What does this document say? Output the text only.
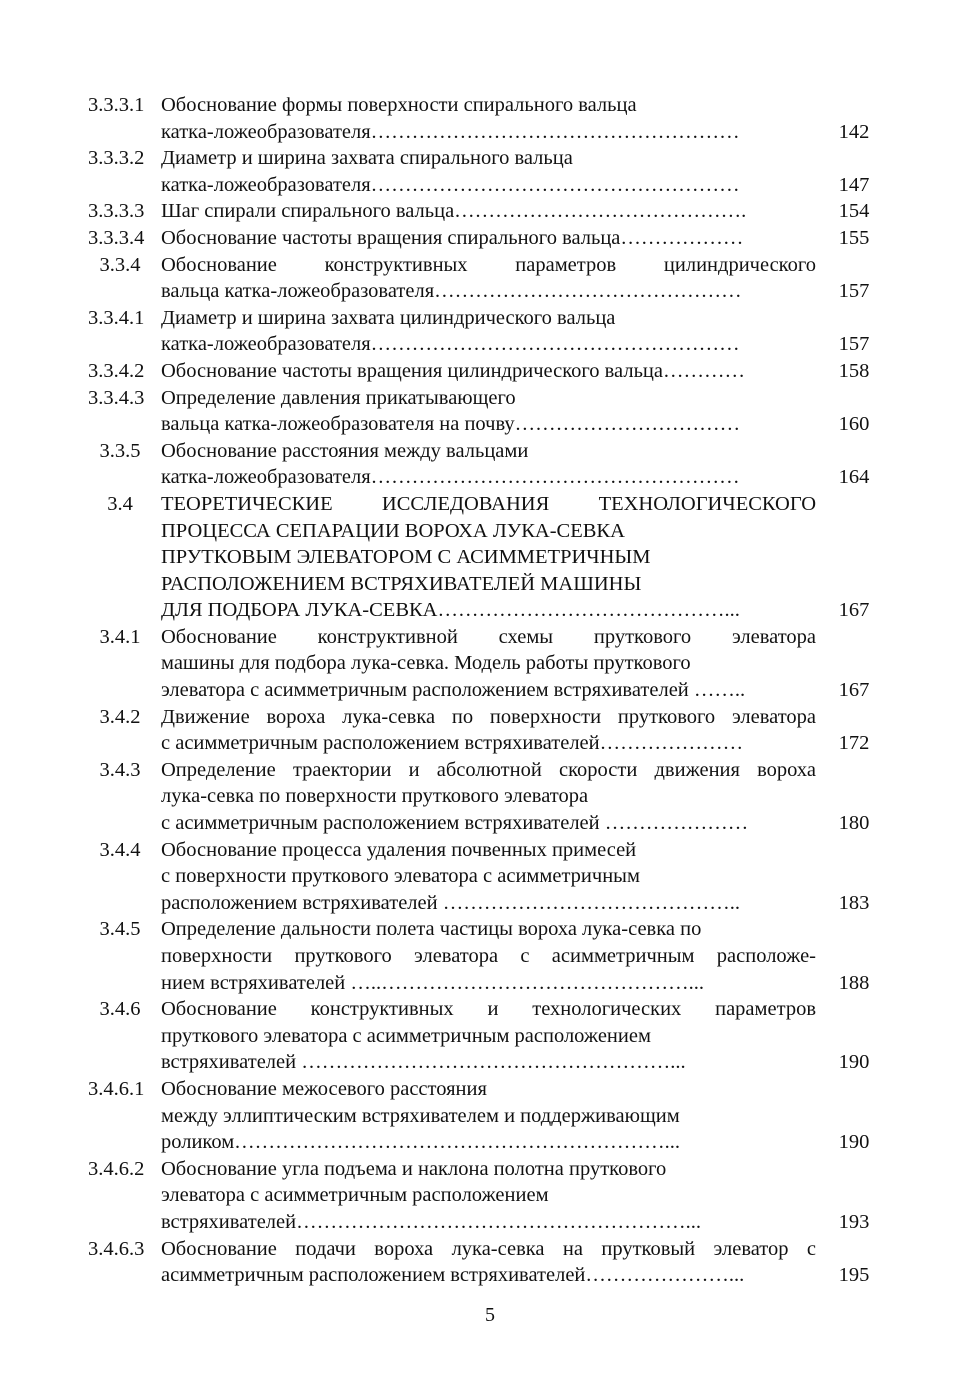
3.3.3.1 Обоснование формы поверхности спирального вальца
катка-ложеобразователя………………………………………………	142
3.3.3.2 Диаметр и ширина захвата спирального вальца
катка-ложеобразователя………………………………………………	147
3.3.3.3 Шаг спирали спирального вальца…………………………………….	154
3.3.3.4 Обоснование частоты вращения спирального вальца………………	155
3.3.4	Обоснование конструктивных параметров цилиндрического
вальца катка-ложеобразователя………………………………………	157
3.3.4.1 Диаметр и ширина захвата цилиндрического вальца
катка-ложеобразователя………………………………………………	157
3.3.4.2 Обоснование частоты вращения цилиндрического вальца…………	158
3.3.4.3 Определение давления прикатывающего
вальца катка-ложеобразователя на почву……………………………	160
3.3.5	Обоснование расстояния между вальцами
катка-ложеобразователя………………………………………………	164
3.4	ТЕОРЕТИЧЕСКИЕ ИССЛЕДОВАНИЯ ТЕХНОЛОГИЧЕСКОГО
ПРОЦЕССА СЕПАРАЦИИ ВОРОХА ЛУКА-СЕВКА
ПРУТКОВЫМ ЭЛЕВАТОРОМ С АСИММЕТРИЧНЫМ
РАСПОЛОЖЕНИЕМ ВСТРЯХИВАТЕЛЕЙ МАШИНЫ
ДЛЯ ПОДБОРА ЛУКА-СЕВКА……………………………………...	167
3.4.1	Обоснование конструктивной схемы пруткового элеватора
машины для подбора лука-севка. Модель работы пруткового
элеватора с асимметричным расположением встряхивателей ……..	167
3.4.2	Движение вороха лука-севка по поверхности пруткового элеватора
с асимметричным расположением встряхивателей…………………	172
3.4.3	Определение траектории и абсолютной скорости движения вороха
лука-севка по поверхности пруткового элеватора
с асимметричным расположением встряхивателей …………………	180
3.4.4	Обоснование процесса удаления почвенных примесей
с поверхности пруткового элеватора с асимметричным
расположением встряхивателей ……………………………………..	183
3.4.5	Определение дальности полета частицы вороха лука-севка по
поверхности пруткового элеватора с асимметричным расположе-
нием встряхивателей …..………………………………………...	188
3.4.6	Обоснование конструктивных и технологических параметров
пруткового элеватора с асимметричным расположением
встряхивателей ………………………………………………...	190
3.4.6.1 Обоснование межосевого расстояния
между эллиптическим встряхивателем и поддерживающим
роликом………………………………………………………...	190
3.4.6.2 Обоснование угла подъема и наклона полотна пруткового
элеватора с асимметричным расположением
встряхивателей…………………………………………………...	193
3.4.6.3 Обоснование подачи вороха лука-севка на прутковый элеватор с
асимметричным расположением встряхивателей…………………...	195
5
